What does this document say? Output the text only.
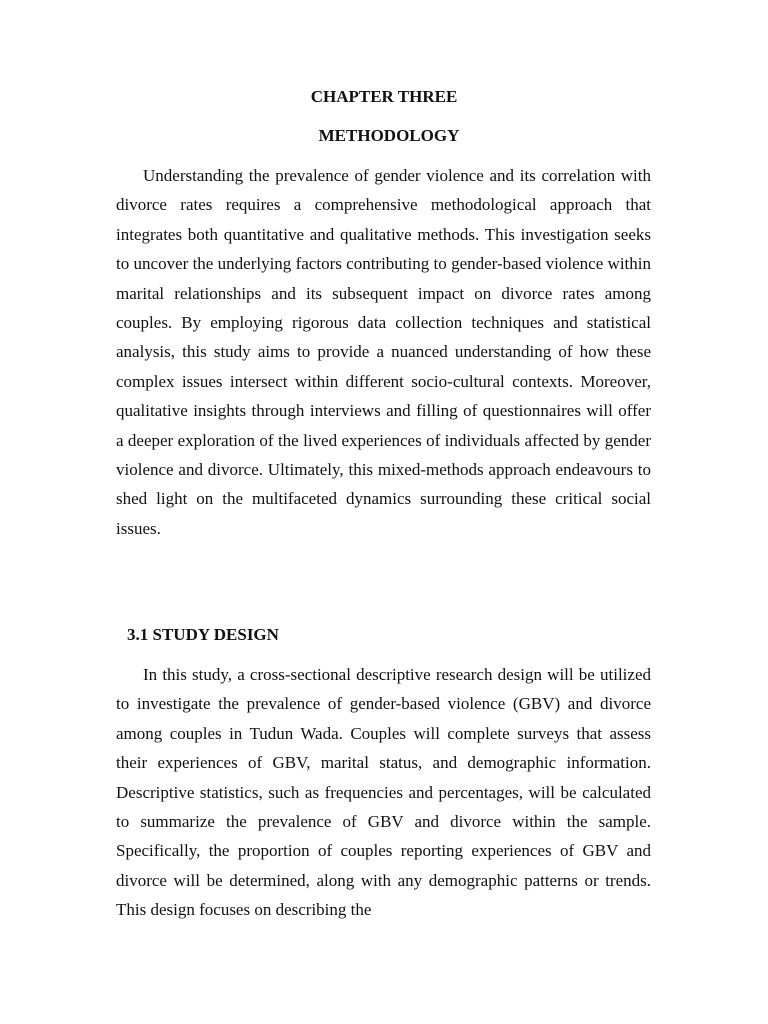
CHAPTER THREE
METHODOLOGY

Understanding the prevalence of gender violence and its correlation with divorce rates requires a comprehensive methodological approach that integrates both quantitative and qualitative methods. This investigation seeks to uncover the underlying factors contributing to gender-based violence within marital relationships and its subsequent impact on divorce rates among couples. By employing rigorous data collection techniques and statistical analysis, this study aims to provide a nuanced understanding of how these complex issues intersect within different socio-cultural contexts. Moreover, qualitative insights through interviews and filling of questionnaires will offer a deeper exploration of the lived experiences of individuals affected by gender violence and divorce. Ultimately, this mixed-methods approach endeavours to shed light on the multifaceted dynamics surrounding these critical social issues.

3.1 STUDY DESIGN

In this study, a cross-sectional descriptive research design will be utilized to investigate the prevalence of gender-based violence (GBV) and divorce among couples in Tudun Wada. Couples will complete surveys that assess their experiences of GBV, marital status, and demographic information. Descriptive statistics, such as frequencies and percentages, will be calculated to summarize the prevalence of GBV and divorce within the sample. Specifically, the proportion of couples reporting experiences of GBV and divorce will be determined, along with any demographic patterns or trends. This design focuses on describing the
